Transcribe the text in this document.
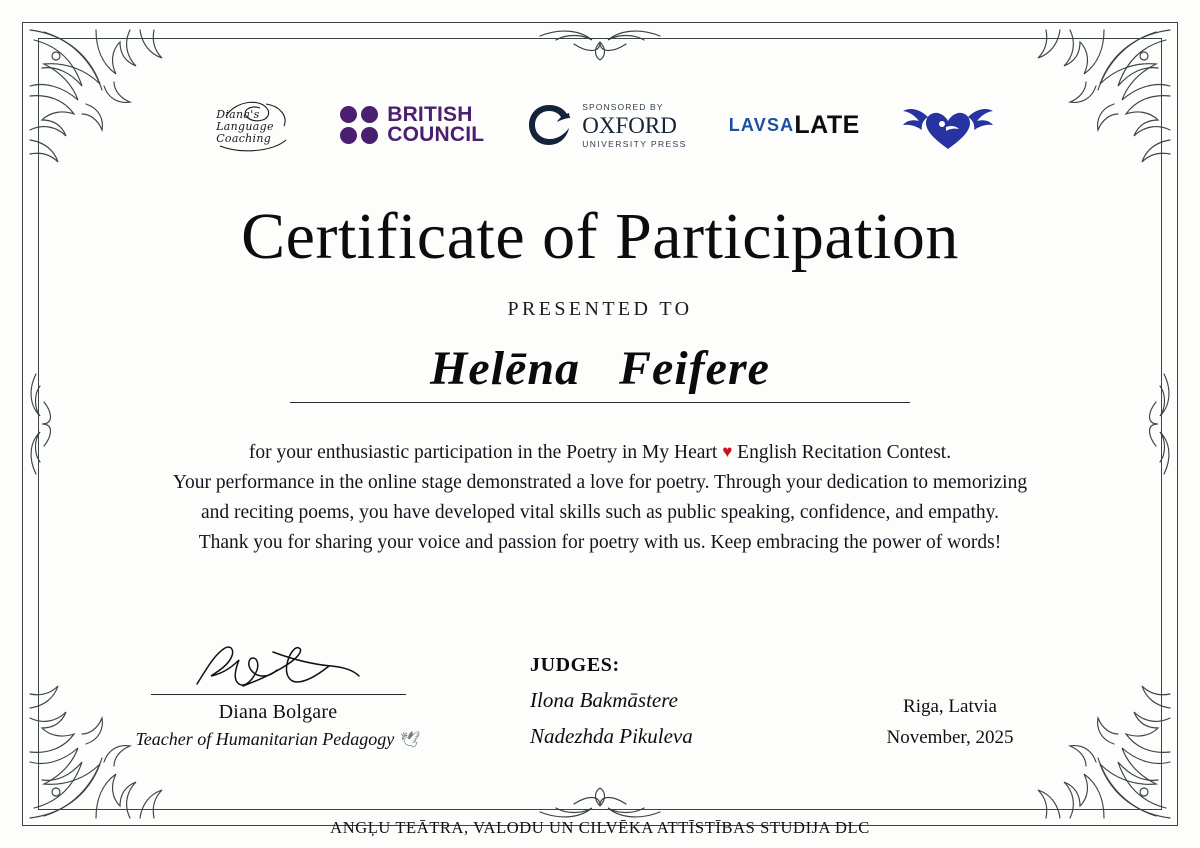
Diana's
Language
Coaching
BRITISH
COUNCIL
SPONSORED BY
OXFORD
UNIVERSITY PRESS
LAVSA LATE
Certificate of Participation
PRESENTED TO
Helēna   Feifere
for your enthusiastic participation in the Poetry in My Heart ♥ English Recitation Contest.
Your performance in the online stage demonstrated a love for poetry. Through your dedication to memorizing
and reciting poems, you have developed vital skills such as public speaking, confidence, and empathy.
Thank you for sharing your voice and passion for poetry with us. Keep embracing the power of words!
Diana Bolgare
Teacher of Humanitarian Pedagogy 🕊
JUDGES:
Ilona Bakmāstere
Nadezhda Pikuleva
Riga, Latvia
November, 2025
ANGĻU TEĀTRA, VALODU UN CILVĒKA ATTĪSTĪBAS STUDIJA DLC
